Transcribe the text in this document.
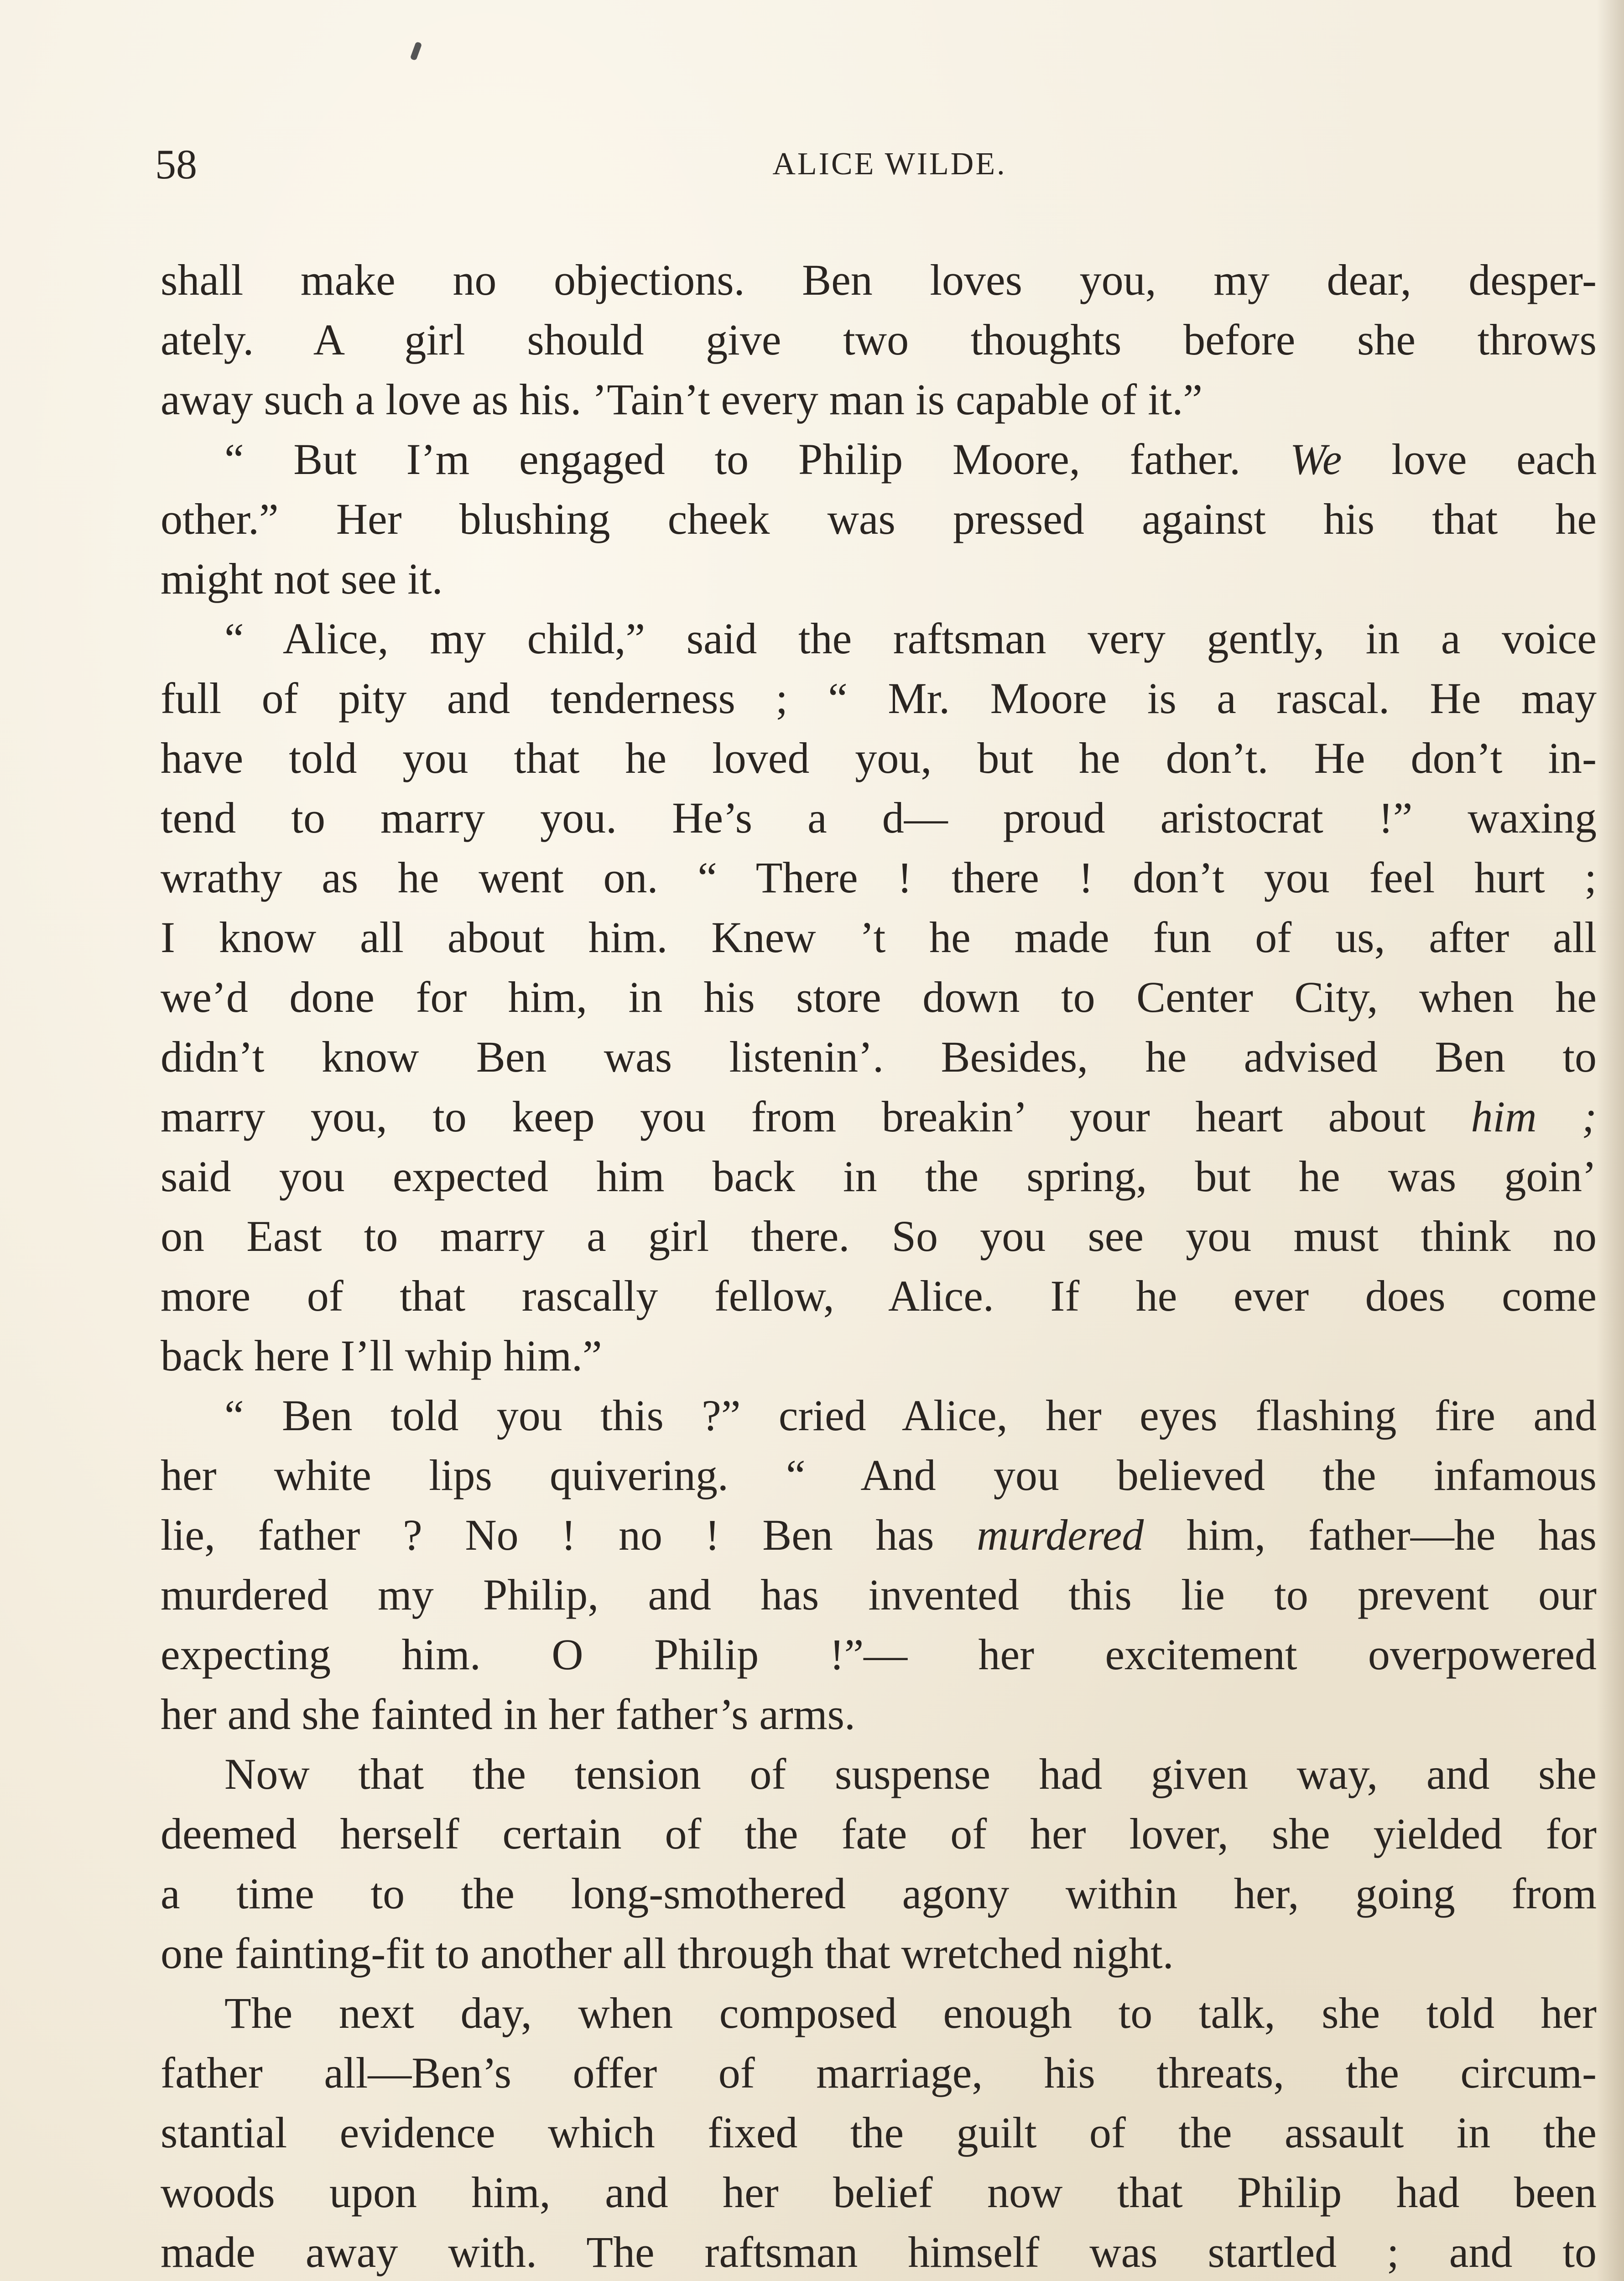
58	ALICE WILDE.
shall make no objections. Ben loves you, my dear, desper-
ately. A girl should give two thoughts before she throws
away such a love as his. ’Tain’t every man is capable of it.”
“ But I’m engaged to Philip Moore, father. We love each
other.” Her blushing cheek was pressed against his that he
might not see it.
“ Alice, my child,” said the raftsman very gently, in a voice
full of pity and tenderness ; “ Mr. Moore is a rascal. He may
have told you that he loved you, but he don’t. He don’t in-
tend to marry you. He’s a d— proud aristocrat !” waxing
wrathy as he went on. “ There ! there ! don’t you feel hurt ;
I know all about him. Knew ’t he made fun of us, after all
we’d done for him, in his store down to Center City, when he
didn’t know Ben was listenin’. Besides, he advised Ben to
marry you, to keep you from breakin’ your heart about him ;
said you expected him back in the spring, but he was goin’
on East to marry a girl there. So you see you must think no
more of that rascally fellow, Alice. If he ever does come
back here I’ll whip him.”
“ Ben told you this ?” cried Alice, her eyes flashing fire and
her white lips quivering. “ And you believed the infamous
lie, father ? No ! no ! Ben has murdered him, father—he has
murdered my Philip, and has invented this lie to prevent our
expecting him. O Philip !”— her excitement overpowered
her and she fainted in her father’s arms.
Now that the tension of suspense had given way, and she
deemed herself certain of the fate of her lover, she yielded for
a time to the long-smothered agony within her, going from
one fainting-fit to another all through that wretched night.
The next day, when composed enough to talk, she told her
father all—Ben’s offer of marriage, his threats, the circum-
stantial evidence which fixed the guilt of the assault in the
woods upon him, and her belief now that Philip had been
made away with. The raftsman himself was startled ; and to
